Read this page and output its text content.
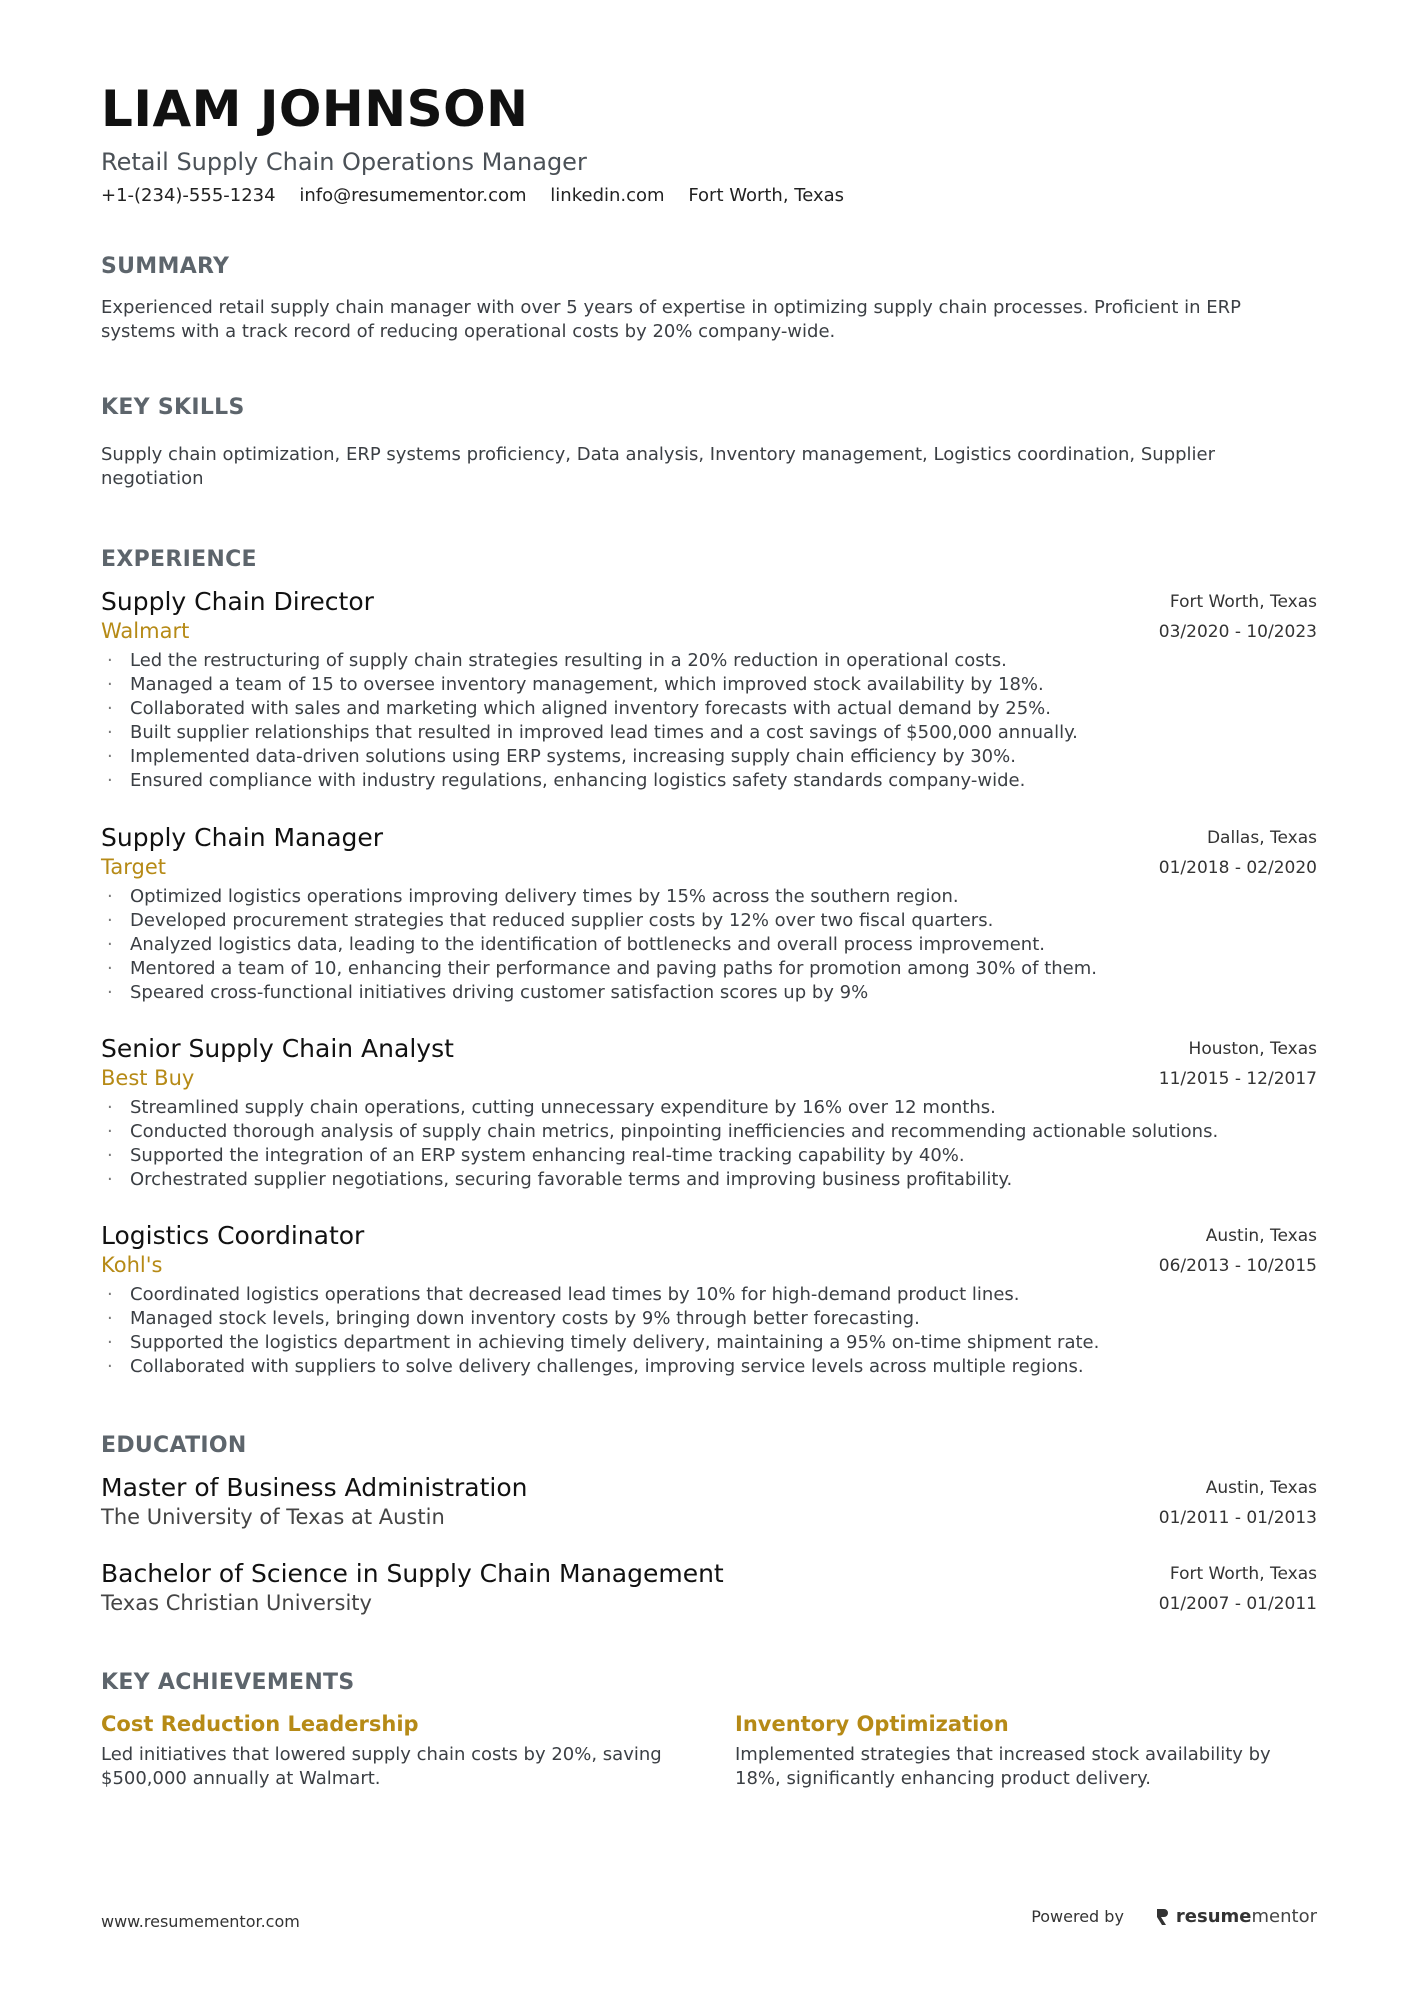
LIAM JOHNSON
Retail Supply Chain Operations Manager
+1-(234)-555-1234 info@resumementor.com linkedin.com Fort Worth, Texas
SUMMARY
Experienced retail supply chain manager with over 5 years of expertise in optimizing supply chain processes. Proficient in ERP systems with a track record of reducing operational costs by 20% company-wide.
KEY SKILLS
Supply chain optimization, ERP systems proficiency, Data analysis, Inventory management, Logistics coordination, Supplier negotiation
EXPERIENCE
Supply Chain Director
Walmart
Fort Worth, Texas
03/2020 - 10/2023
· Led the restructuring of supply chain strategies resulting in a 20% reduction in operational costs.
· Managed a team of 15 to oversee inventory management, which improved stock availability by 18%.
· Collaborated with sales and marketing which aligned inventory forecasts with actual demand by 25%.
· Built supplier relationships that resulted in improved lead times and a cost savings of $500,000 annually.
· Implemented data-driven solutions using ERP systems, increasing supply chain efficiency by 30%.
· Ensured compliance with industry regulations, enhancing logistics safety standards company-wide.
Supply Chain Manager
Target
Dallas, Texas
01/2018 - 02/2020
· Optimized logistics operations improving delivery times by 15% across the southern region.
· Developed procurement strategies that reduced supplier costs by 12% over two fiscal quarters.
· Analyzed logistics data, leading to the identification of bottlenecks and overall process improvement.
· Mentored a team of 10, enhancing their performance and paving paths for promotion among 30% of them.
· Speared cross-functional initiatives driving customer satisfaction scores up by 9%
Senior Supply Chain Analyst
Best Buy
Houston, Texas
11/2015 - 12/2017
· Streamlined supply chain operations, cutting unnecessary expenditure by 16% over 12 months.
· Conducted thorough analysis of supply chain metrics, pinpointing inefficiencies and recommending actionable solutions.
· Supported the integration of an ERP system enhancing real-time tracking capability by 40%.
· Orchestrated supplier negotiations, securing favorable terms and improving business profitability.
Logistics Coordinator
Kohl's
Austin, Texas
06/2013 - 10/2015
· Coordinated logistics operations that decreased lead times by 10% for high-demand product lines.
· Managed stock levels, bringing down inventory costs by 9% through better forecasting.
· Supported the logistics department in achieving timely delivery, maintaining a 95% on-time shipment rate.
· Collaborated with suppliers to solve delivery challenges, improving service levels across multiple regions.
EDUCATION
Master of Business Administration
The University of Texas at Austin
Austin, Texas
01/2011 - 01/2013
Bachelor of Science in Supply Chain Management
Texas Christian University
Fort Worth, Texas
01/2007 - 01/2011
KEY ACHIEVEMENTS
Cost Reduction Leadership
Led initiatives that lowered supply chain costs by 20%, saving $500,000 annually at Walmart.
Inventory Optimization
Implemented strategies that increased stock availability by 18%, significantly enhancing product delivery.
www.resumementor.com	Powered by	resumementor
